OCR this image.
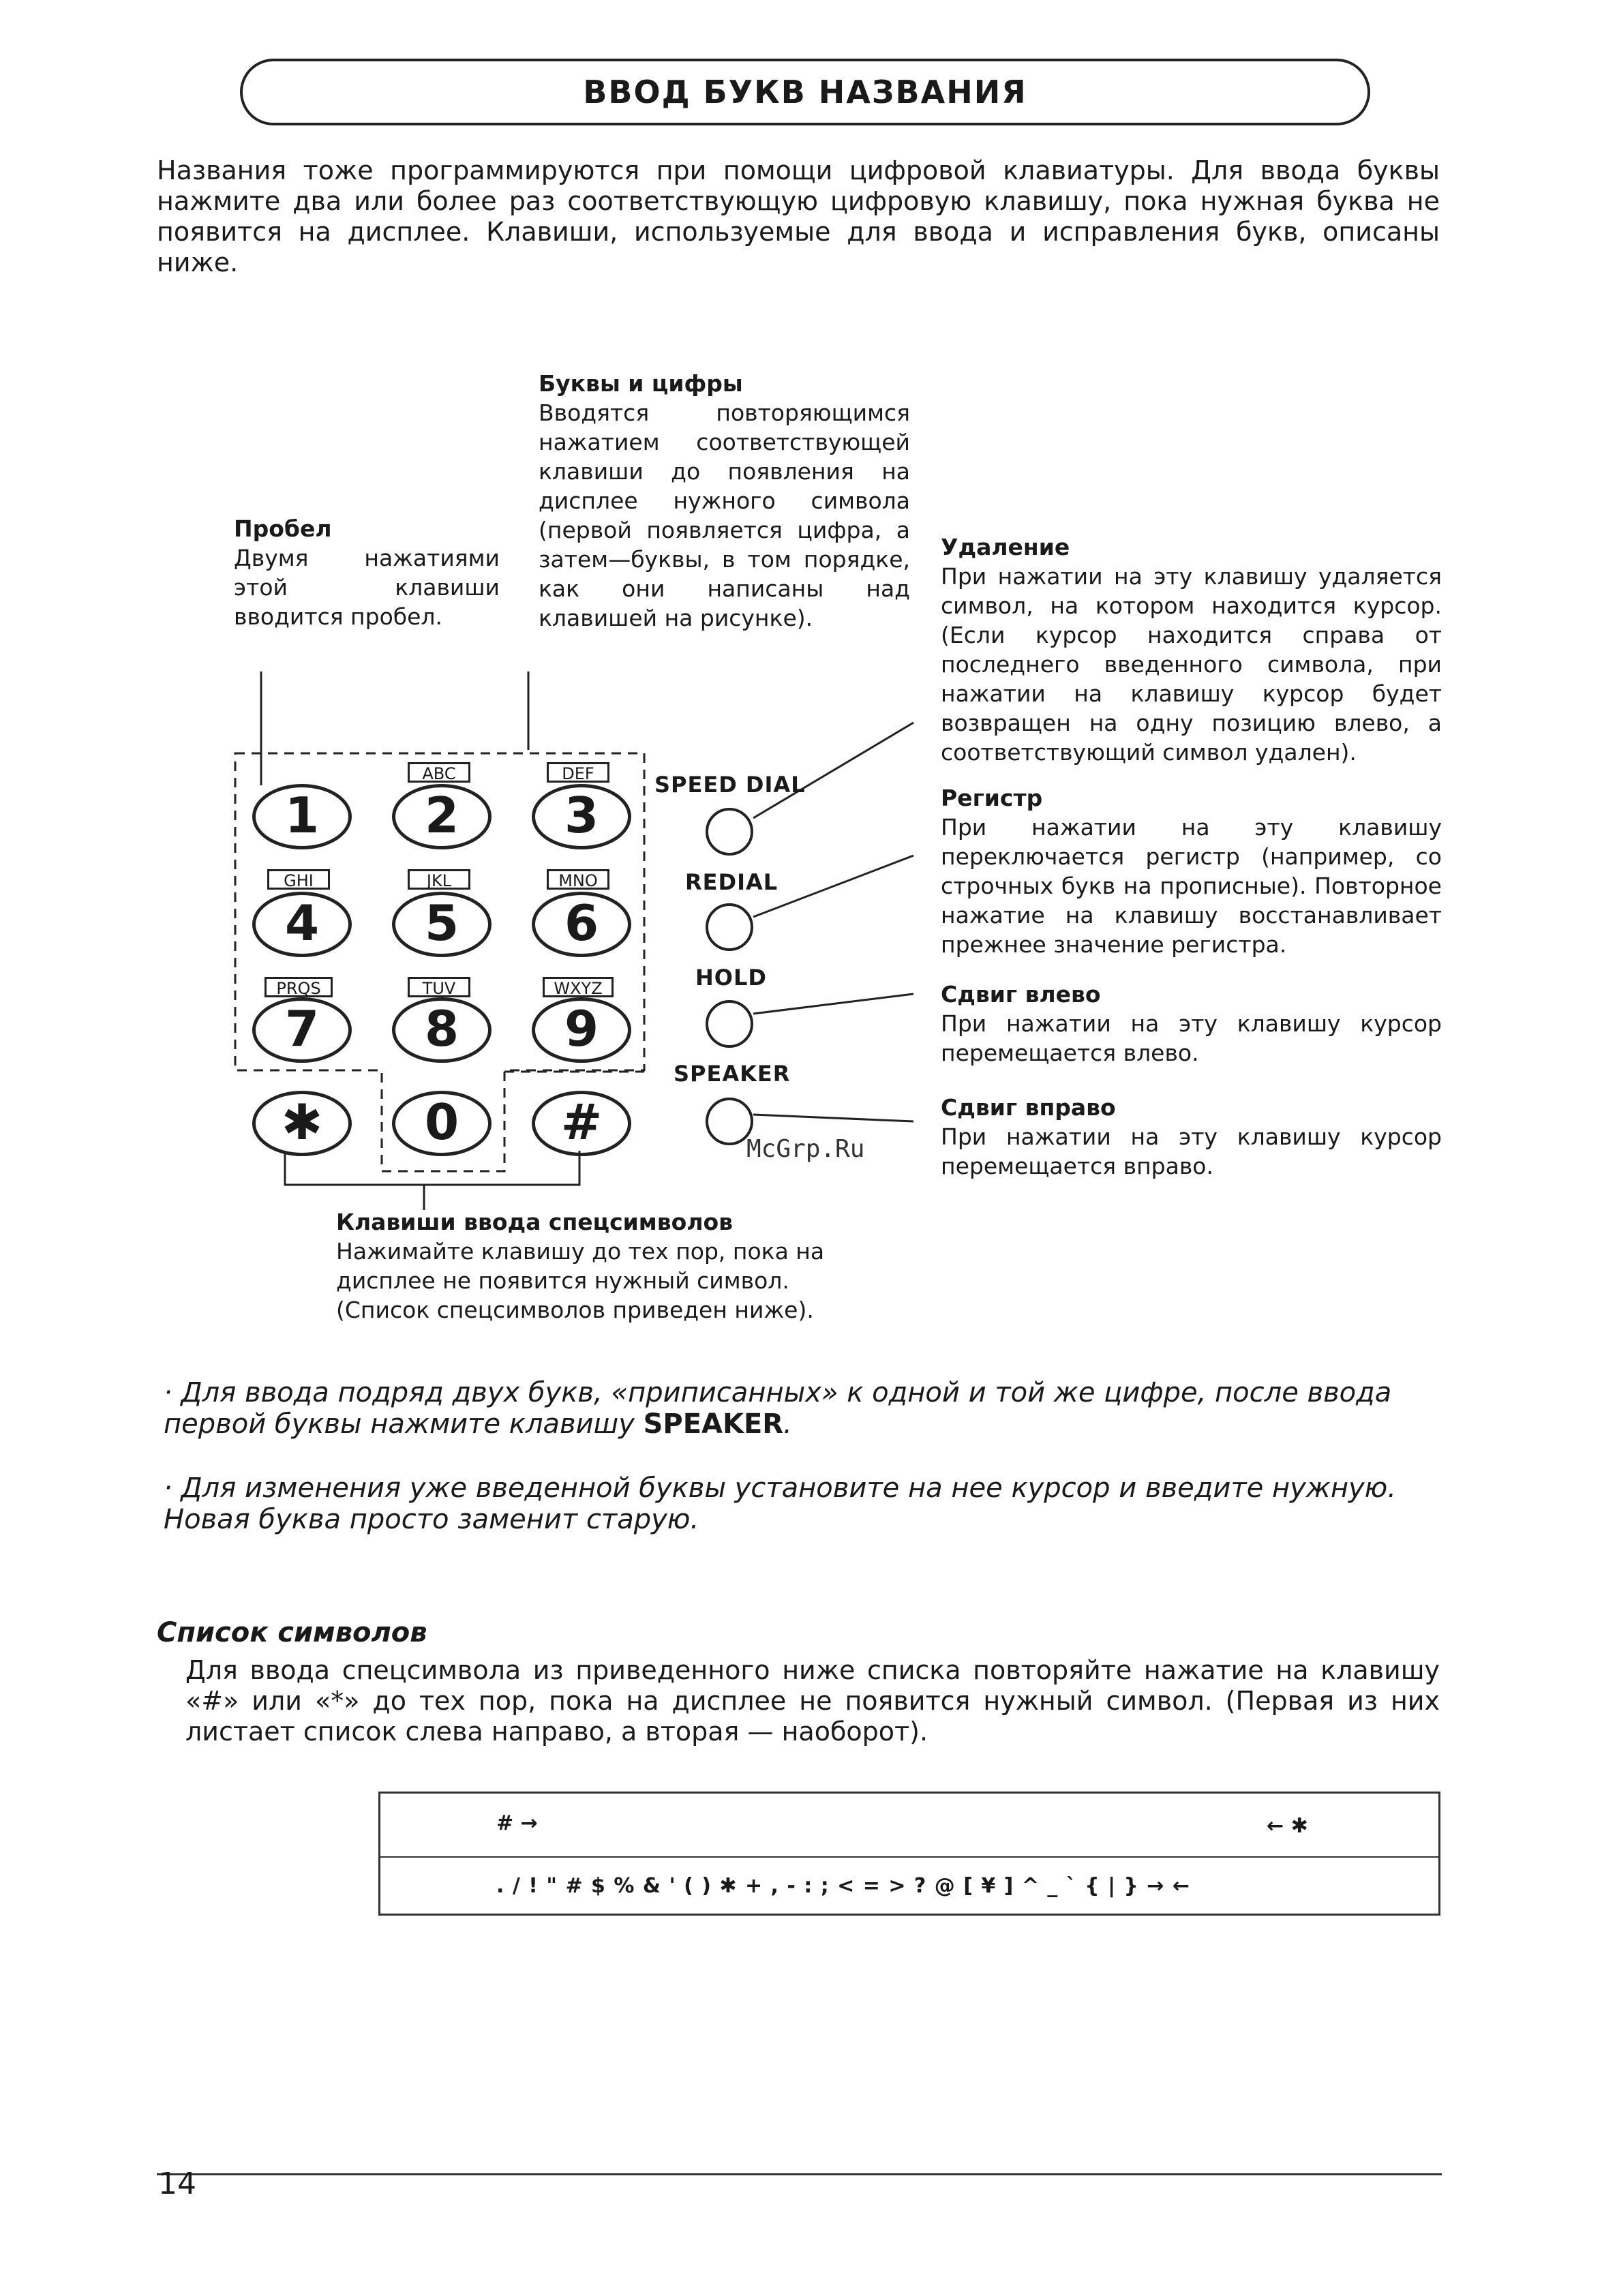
ВВОД БУКВ НАЗВАНИЯ
Названия тоже программируются при помощи цифровой клавиатуры. Для ввода буквы нажмите два или более раз соответствующую цифровую клавишу, пока нужная буква не появится на дисплее. Клавиши, используемые для ввода и исправления букв, описаны ниже.
Буквы и цифры
Вводятся повторяющимся нажатием соответствующей клавиши до появления на дисплее нужного символа (первой появляется цифра, а затем—буквы, в том порядке, как они написаны над клавишей на рисунке).
Пробел
Двумя нажатиями этой клавиши вводится пробел.
Удаление
При нажатии на эту клавишу удаляется символ, на котором находится курсор. (Если курсор находится справа от последнего введенного символа, при нажатии на клавишу курсор будет возвращен на одну позицию влево, а соответствующий символ удален).
Регистр
При нажатии на эту клавишу переключается регистр (например, со строчных букв на прописные). Повторное нажатие на клавишу восстанавливает прежнее значение регистра.
Сдвиг влево
При нажатии на эту клавишу курсор перемещается влево.
Сдвиг вправо
При нажатии на эту клавишу курсор перемещается вправо.
ABC	DEF
1 2 3
GHI	JKL	MNO
4 5 6
PRQS	TUV	WXYZ
7 8 9
✱ 0 #
SPEED DIAL
REDIAL
HOLD
SPEAKER
McGrp.Ru
Клавиши ввода спецсимволов
Нажимайте клавишу до тех пор, пока на дисплее не появится нужный символ. (Список спецсимволов приведен ниже).
· Для ввода подряд двух букв, «приписанных» к одной и той же цифре, после ввода первой буквы нажмите клавишу SPEAKER.
· Для изменения уже введенной буквы установите на нее курсор и введите нужную. Новая буква просто заменит старую.
Список символов
Для ввода спецсимвола из приведенного ниже списка повторяйте нажатие на клавишу «#» или «*» до тех пор, пока на дисплее не появится нужный символ. (Первая из них листает список слева направо, а вторая — наоборот).
# →	← ✱
. / ! " # $ % & ' ( ) ✱ + , - : ; < = > ? @ [ ¥ ] ^ _ ` { | } → ←
14
